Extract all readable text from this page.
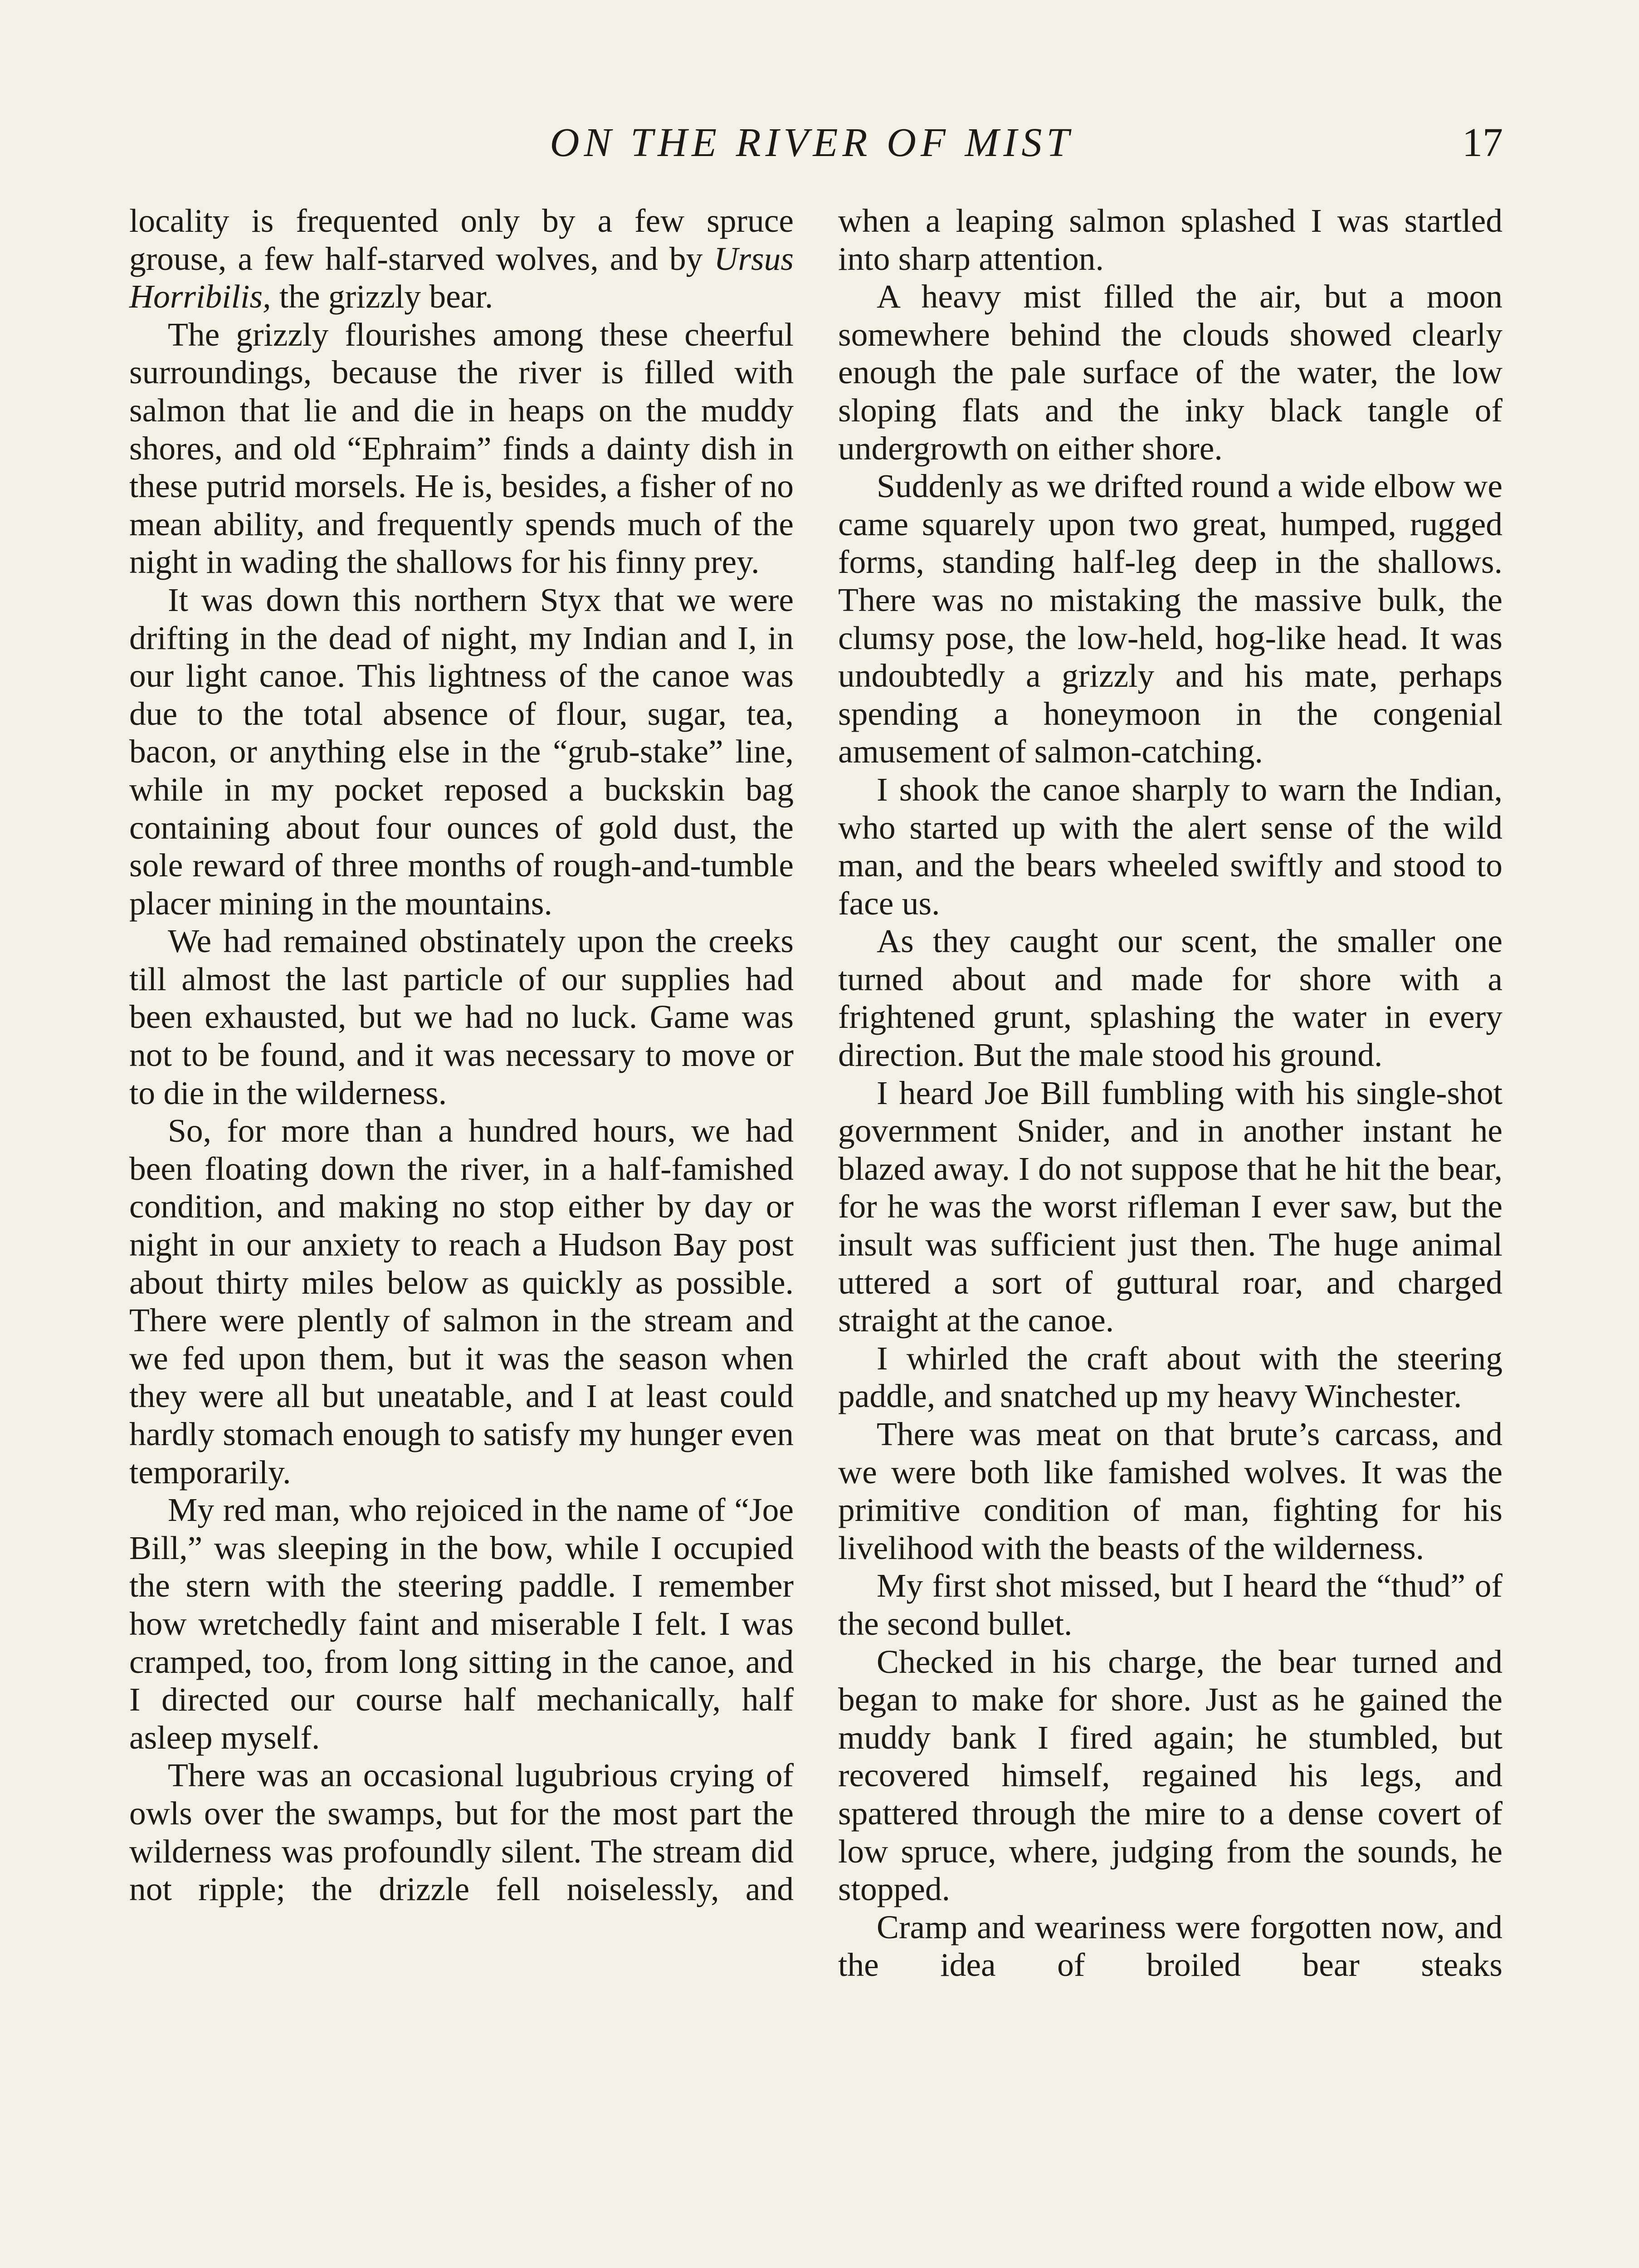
ON THE RIVER OF MIST	17

locality is frequented only by a few spruce grouse, a few half-starved wolves, and by Ursus Horribilis, the grizzly bear.

The grizzly flourishes among these cheerful surroundings, because the river is filled with salmon that lie and die in heaps on the muddy shores, and old “Ephraim” finds a dainty dish in these putrid morsels. He is, besides, a fisher of no mean ability, and frequently spends much of the night in wading the shallows for his finny prey.

It was down this northern Styx that we were drifting in the dead of night, my Indian and I, in our light canoe. This lightness of the canoe was due to the total absence of flour, sugar, tea, bacon, or anything else in the “grub-stake” line, while in my pocket reposed a buckskin bag containing about four ounces of gold dust, the sole reward of three months of rough-and-tumble placer mining in the mountains.

We had remained obstinately upon the creeks till almost the last particle of our supplies had been exhausted, but we had no luck. Game was not to be found, and it was necessary to move or to die in the wilderness.

So, for more than a hundred hours, we had been floating down the river, in a half-famished condition, and making no stop either by day or night in our anxiety to reach a Hudson Bay post about thirty miles below as quickly as possible. There were plently of salmon in the stream and we fed upon them, but it was the season when they were all but uneatable, and I at least could hardly stomach enough to satisfy my hunger even temporarily.

My red man, who rejoiced in the name of “Joe Bill,” was sleeping in the bow, while I occupied the stern with the steering paddle. I remember how wretchedly faint and miserable I felt. I was cramped, too, from long sitting in the canoe, and I directed our course half mechanically, half asleep myself.

There was an occasional lugubrious crying of owls over the swamps, but for the most part the wilderness was profoundly silent. The stream did not ripple; the drizzle fell noiselessly, and

when a leaping salmon splashed I was startled into sharp attention.

A heavy mist filled the air, but a moon somewhere behind the clouds showed clearly enough the pale surface of the water, the low sloping flats and the inky black tangle of undergrowth on either shore.

Suddenly as we drifted round a wide elbow we came squarely upon two great, humped, rugged forms, standing half-leg deep in the shallows. There was no mistaking the massive bulk, the clumsy pose, the low-held, hog-like head. It was undoubtedly a grizzly and his mate, perhaps spending a honeymoon in the congenial amusement of salmon-catching.

I shook the canoe sharply to warn the Indian, who started up with the alert sense of the wild man, and the bears wheeled swiftly and stood to face us.

As they caught our scent, the smaller one turned about and made for shore with a frightened grunt, splashing the water in every direction. But the male stood his ground.

I heard Joe Bill fumbling with his single-shot government Snider, and in another instant he blazed away. I do not suppose that he hit the bear, for he was the worst rifleman I ever saw, but the insult was sufficient just then. The huge animal uttered a sort of guttural roar, and charged straight at the canoe.

I whirled the craft about with the steering paddle, and snatched up my heavy Winchester.

There was meat on that brute’s carcass, and we were both like famished wolves. It was the primitive condition of man, fighting for his livelihood with the beasts of the wilderness.

My first shot missed, but I heard the “thud” of the second bullet.

Checked in his charge, the bear turned and began to make for shore. Just as he gained the muddy bank I fired again; he stumbled, but recovered himself, regained his legs, and spattered through the mire to a dense covert of low spruce, where, judging from the sounds, he stopped.

Cramp and weariness were forgotten now, and the idea of broiled bear steaks
